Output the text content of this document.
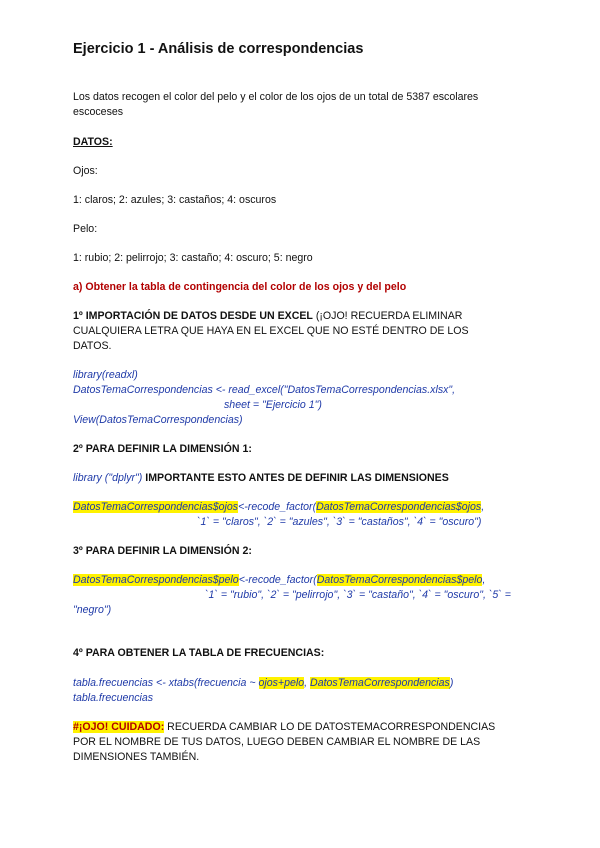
Ejercicio 1 - Análisis de correspondencias
Los datos recogen el color del pelo y el color de los ojos de un total de 5387 escolares
escoceses
DATOS:
Ojos:
1: claros; 2: azules; 3: castaños; 4: oscuros
Pelo:
1: rubio; 2: pelirrojo; 3: castaño; 4: oscuro; 5: negro
a) Obtener la tabla de contingencia del color de los ojos y del pelo
1º IMPORTACIÓN DE DATOS DESDE UN EXCEL (¡OJO! RECUERDA ELIMINAR
CUALQUIERA LETRA QUE HAYA EN EL EXCEL QUE NO ESTÉ DENTRO DE LOS
DATOS.
library(readxl)
DatosTemaCorrespondencias <- read_excel("DatosTemaCorrespondencias.xlsx",
sheet = "Ejercicio 1")
View(DatosTemaCorrespondencias)
2º PARA DEFINIR LA DIMENSIÓN 1:
library ("dplyr") IMPORTANTE ESTO ANTES DE DEFINIR LAS DIMENSIONES
DatosTemaCorrespondencias$ojos<-recode_factor(DatosTemaCorrespondencias$ojos,
`1` = "claros", `2` = "azules", `3` = "castaños", `4` = "oscuro")
3º PARA DEFINIR LA DIMENSIÓN 2:
DatosTemaCorrespondencias$pelo<-recode_factor(DatosTemaCorrespondencias$pelo,
`1` = "rubio", `2` = "pelirrojo", `3` = "castaño", `4` = "oscuro", `5` =
"negro")
4º PARA OBTENER LA TABLA DE FRECUENCIAS:
tabla.frecuencias <- xtabs(frecuencia ~ ojos+pelo, DatosTemaCorrespondencias)
tabla.frecuencias
#¡OJO! CUIDADO: RECUERDA CAMBIAR LO DE DATOSTEMACORRESPONDENCIAS
POR EL NOMBRE DE TUS DATOS, LUEGO DEBEN CAMBIAR EL NOMBRE DE LAS
DIMENSIONES TAMBIÉN.
